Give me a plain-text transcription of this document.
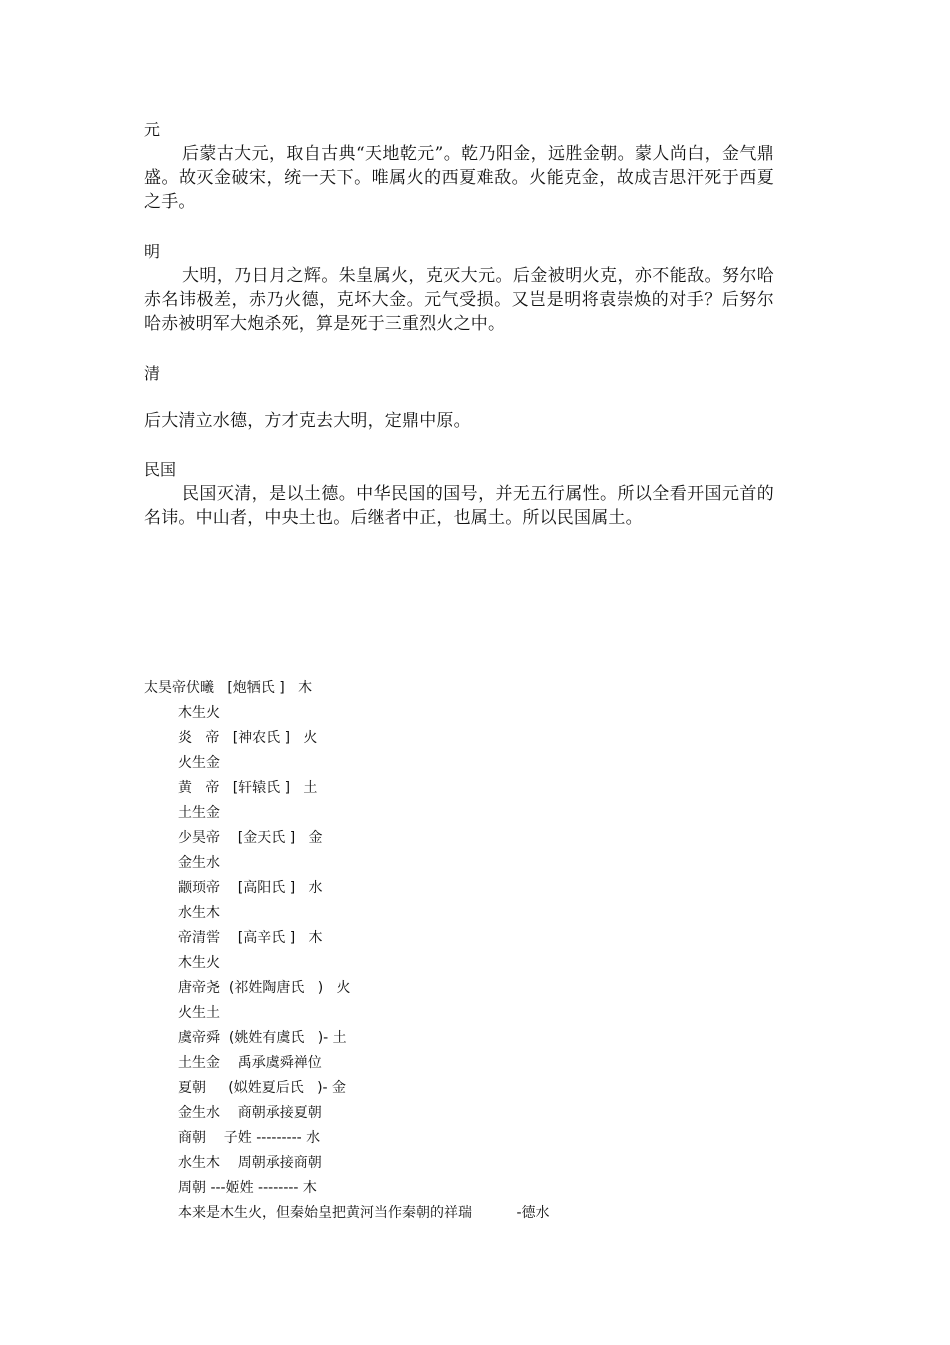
元
后蒙古大元，取自古典“天地乾元”。乾乃阳金，远胜金朝。蒙人尚白，金气鼎盛。故灭金破宋，统一天下。唯属火的西夏难敌。火能克金，故成吉思汗死于西夏之手。
明
大明，乃日月之辉。朱皇属火，克灭大元。后金被明火克，亦不能敌。努尔哈赤名讳极差，赤乃火德，克坏大金。元气受损。又岂是明将袁崇焕的对手？后努尔哈赤被明军大炮杀死，算是死于三重烈火之中。
清
后大清立水德，方才克去大明，定鼎中原。
民国
民国灭清，是以土德。中华民国的国号，并无五行属性。所以全看开国元首的名讳。中山者，中央土也。后继者中正，也属土。所以民国属土。
太昊帝伏曦   [炮牺氏 ]   木
木生火
炎   帝   [神农氏 ]   火
火生金
黄   帝   [轩辕氏 ]   土
土生金
少昊帝    [金天氏 ]   金
金生水
颛顼帝    [高阳氏 ]   水
水生木
帝清喾    [高辛氏 ]   木
木生火
唐帝尧  (祁姓陶唐氏   )   火
火生土
虞帝舜  (姚姓有虞氏   )- 土
土生金    禹承虞舜禅位
夏朝     (姒姓夏后氏   )- 金
金生水    商朝承接夏朝
商朝    子姓 --------- 水
水生木    周朝承接商朝
周朝 ---姬姓 -------- 木
本来是木生火，但秦始皇把黄河当作秦朝的祥瑞          -德水
